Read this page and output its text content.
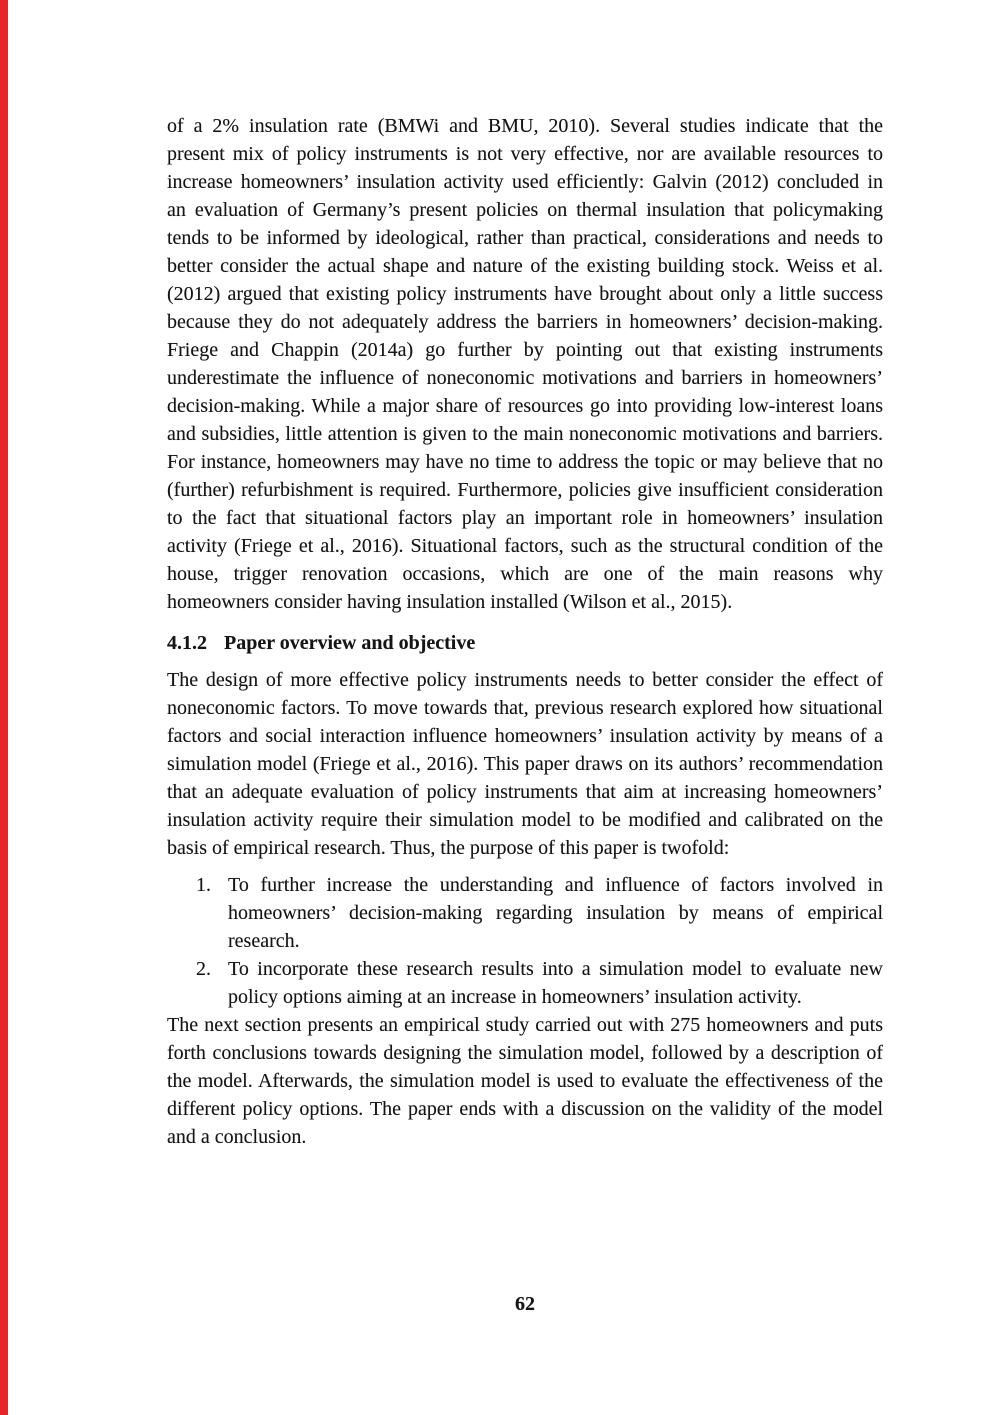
of a 2% insulation rate (BMWi and BMU, 2010). Several studies indicate that the
present mix of policy instruments is not very effective, nor are available resources to
increase homeowners’ insulation activity used efficiently: Galvin (2012) concluded in
an evaluation of Germany’s present policies on thermal insulation that policymaking
tends to be informed by ideological, rather than practical, considerations and needs to
better consider the actual shape and nature of the existing building stock. Weiss et al.
(2012) argued that existing policy instruments have brought about only a little success
because they do not adequately address the barriers in homeowners’ decision-making.
Friege and Chappin (2014a) go further by pointing out that existing instruments
underestimate the influence of noneconomic motivations and barriers in homeowners’
decision-making. While a major share of resources go into providing low-interest loans
and subsidies, little attention is given to the main noneconomic motivations and barriers.
For instance, homeowners may have no time to address the topic or may believe that no
(further) refurbishment is required. Furthermore, policies give insufficient consideration
to the fact that situational factors play an important role in homeowners’ insulation
activity (Friege et al., 2016). Situational factors, such as the structural condition of the
house, trigger renovation occasions, which are one of the main reasons why
homeowners consider having insulation installed (Wilson et al., 2015).
4.1.2 Paper overview and objective
The design of more effective policy instruments needs to better consider the effect of
noneconomic factors. To move towards that, previous research explored how situational
factors and social interaction influence homeowners’ insulation activity by means of a
simulation model (Friege et al., 2016). This paper draws on its authors’ recommendation
that an adequate evaluation of policy instruments that aim at increasing homeowners’
insulation activity require their simulation model to be modified and calibrated on the
basis of empirical research. Thus, the purpose of this paper is twofold:
1. To further increase the understanding and influence of factors involved in
homeowners’ decision-making regarding insulation by means of empirical
research.
2. To incorporate these research results into a simulation model to evaluate new
policy options aiming at an increase in homeowners’ insulation activity.
The next section presents an empirical study carried out with 275 homeowners and puts
forth conclusions towards designing the simulation model, followed by a description of
the model. Afterwards, the simulation model is used to evaluate the effectiveness of the
different policy options. The paper ends with a discussion on the validity of the model
and a conclusion.
62
